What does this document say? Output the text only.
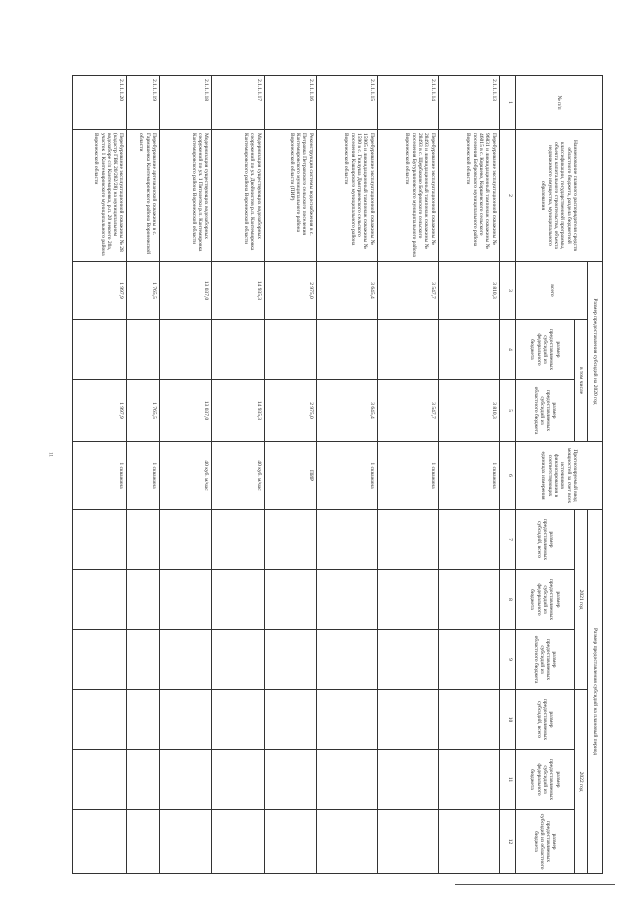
11
№ п/п	Наименование главного распорядителя средств областного бюджета, раздела бюджетной классификации, государственной программы, объекта капитального строительства, объекта недвижимого имущества, муниципального образования	Размер предоставления субсидий на 2020 год			Прогнозируемый ввод мощностей за счет всех источников финансирования в соответствующих единицах измерения	Размер предоставления субсидий на плановый период					
		всего	в том числе			2021 год			2022 год		
			размер предоставляемых субсидий из федерального бюджета	размер предоставляемых субсидий из областного бюджета		размер предоставляемых субсидий, всего	размер предоставляемых субсидий из федерального бюджета	размер предоставляемых субсидий из областного бюджета	размер предоставляемых субсидий, всего	размер предоставляемых субсидий из федерального бюджета	размер предоставляемых субсидий из областного бюджета

1	2	3	4	5	6	7	8	9	10	11	12
2.1.1.1.13	Перебуривание эксплуатационной скважины № 96831 и ликвидационный тампонаж скважины № 46015 в с. Коршево, Коршевского сельского поселения Бобровского муниципального района Воронежской области	3 810,3		3 810,3	1 скважина						
2.1.1.1.14	Перебуривание эксплуатационной скважины № 28493 и ликвидационный тампонаж скважины № 28493 в с. Щербаково Бобровского сельского поселения Бутурлиновского муниципального района Воронежской области	3 547,7		3 547,7	1 скважина						
2.1.1.1.15	Перебуривание эксплуатационной скважины № 15905 и ликвидационный тампонаж скважины № 1590 в с. Гнилуша Дмитриевского сельского поселения Каширского муниципального района Воронежской области	3 645,4		3 645,4	1 скважина						
2.1.1.1.16	Реконструкция системы водоснабжения в с. Петравка Петравского сельского поселения Кантемировского муниципального района Воронежской области (ПИР)	2 975,0		2 975,0	ПИР						
2.1.1.1.17	Модернизация существующих водозаборных сооружений по ул. Двойнистов р.п. Кантемировка Кантемировского района Воронежской области	14 935,3		14 935,3	40 куб. м/час						
2.1.1.1.18	Модернизация существующих водозаборных сооружений по ул. 1 Пятилетки р.п. Кантемировка Кантемировского района Воронежской области	13 037,0		13 037,0	40 куб. м/час						
2.1.1.1.19	Перебуривание артезианской скважины в с. Гармашевка Кантемировского района Воронежской области	1 765,5		1 765,5	1 скважина						
2.1.1.1.20	Перебуривание эксплуатационной скважины № 28 (кадастр ГВК 20/282/28) на муниципальном водозаборе с/п Кантемировка, р.п. 20 некоего 20а, участок 1 Кантемировского муниципального района Воронежской области	1 997,9		1 997,9	1 скважина						
